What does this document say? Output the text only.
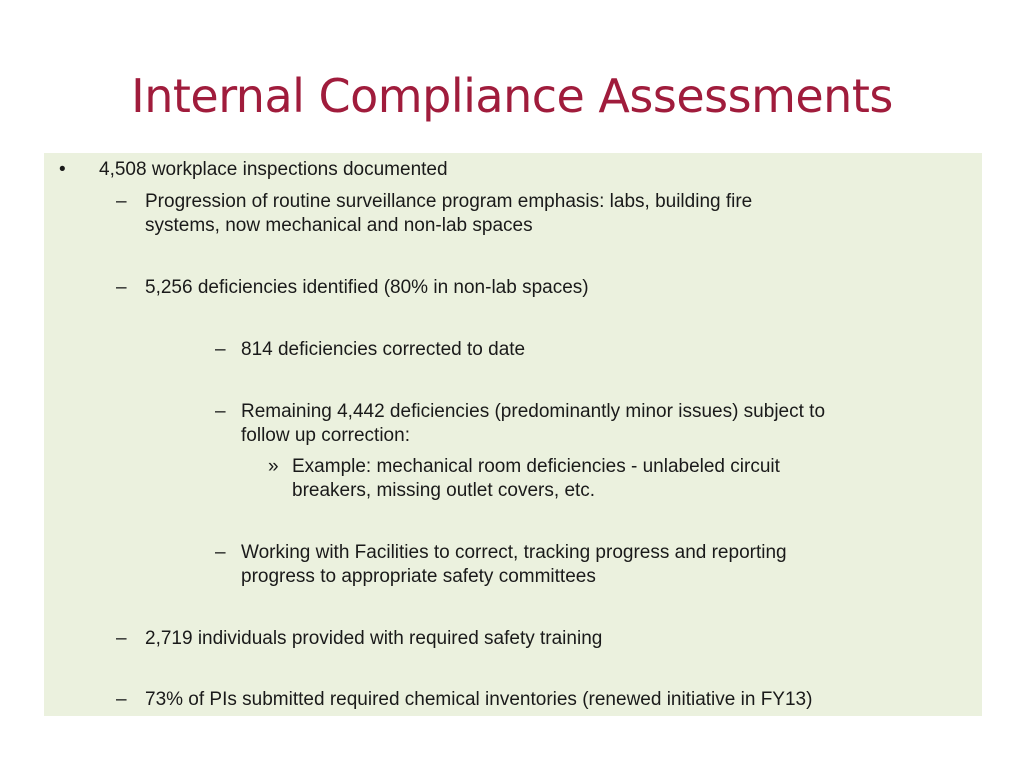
Internal Compliance Assessments
• 4,508 workplace inspections documented
– Progression of routine surveillance program emphasis: labs, building fire
systems, now mechanical and non-lab spaces
– 5,256 deficiencies identified (80% in non-lab spaces)
– 814 deficiencies corrected to date
– Remaining 4,442 deficiencies (predominantly minor issues) subject to
follow up correction:
» Example: mechanical room deficiencies - unlabeled circuit
breakers, missing outlet covers, etc.
– Working with Facilities to correct, tracking progress and reporting
progress to appropriate safety committees
– 2,719 individuals provided with required safety training
– 73% of PIs submitted required chemical inventories (renewed initiative in FY13)
